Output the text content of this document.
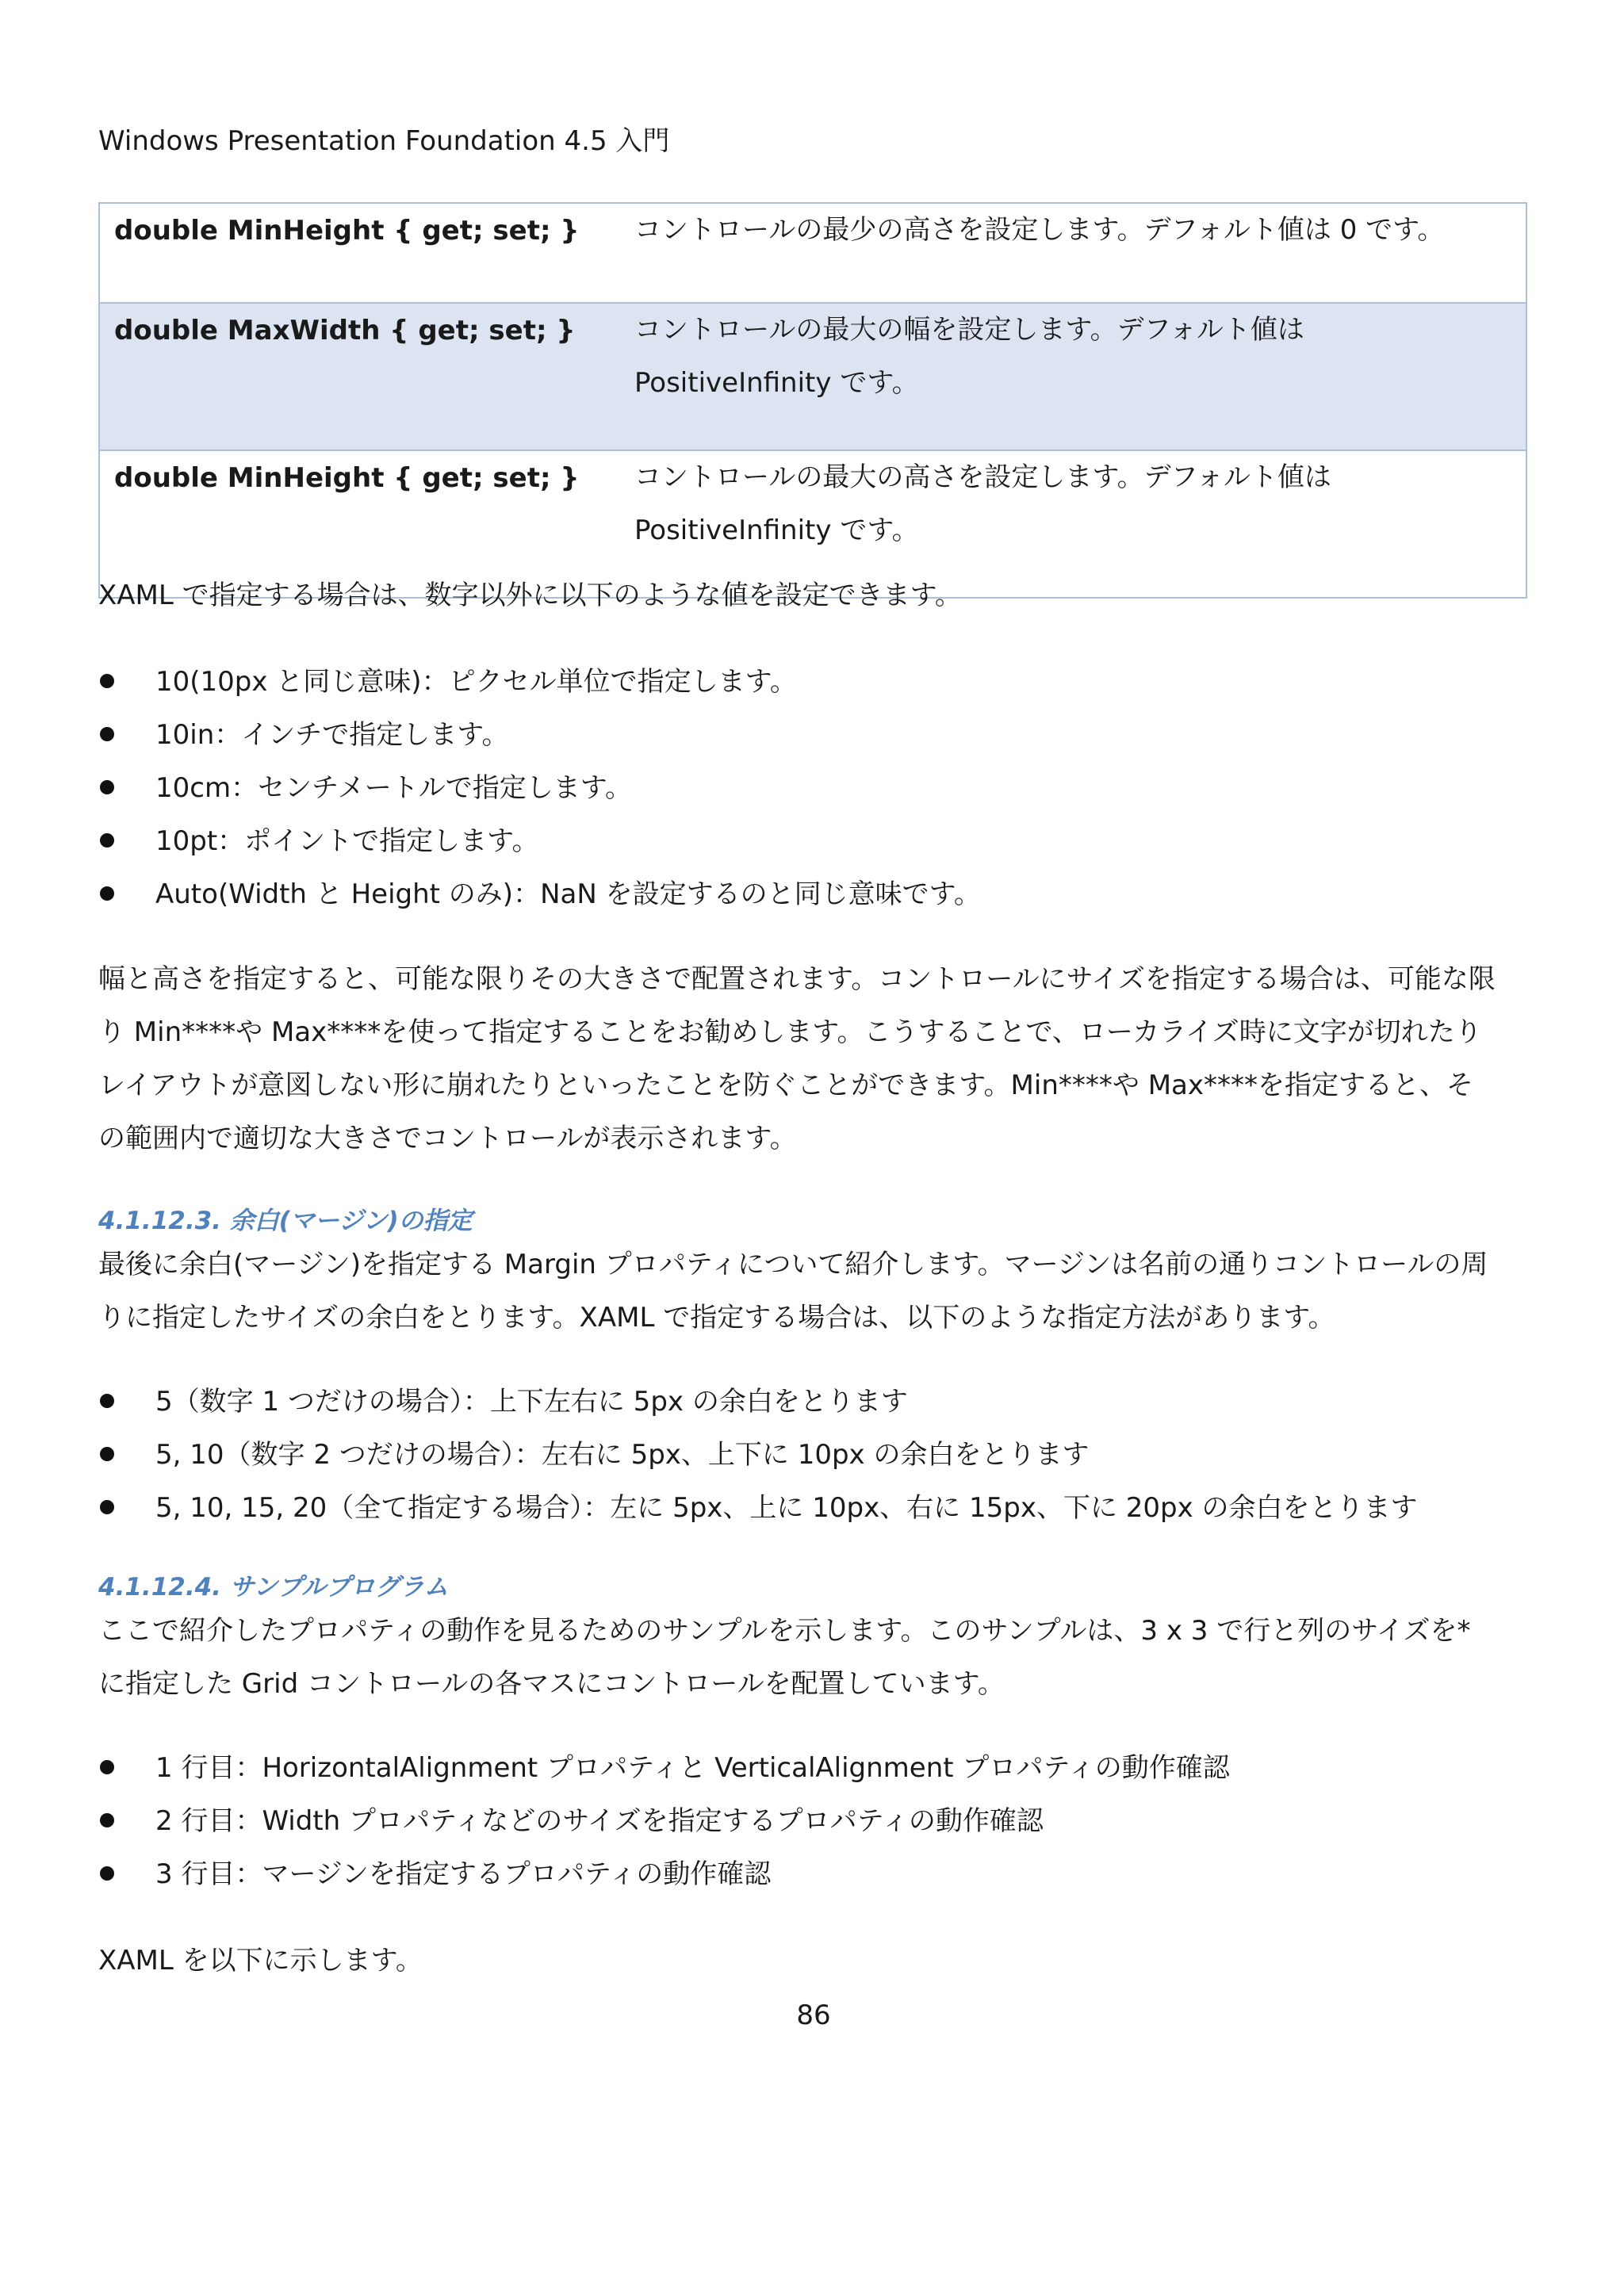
Windows Presentation Foundation 4.5 入門
double MinHeight { get; set; }	コントロールの最少の高さを設定します。デフォルト値は 0 です。

double MaxWidth { get; set; }	コントロールの最大の幅を設定します。デフォルト値は
PositiveInfinity です。

double MinHeight { get; set; }	コントロールの最大の高さを設定します。デフォルト値は
PositiveInfinity です。

XAML で指定する場合は、数字以外に以下のような値を設定できます。

10(10px と同じ意味)：ピクセル単位で指定します。
10in：インチで指定します。
10cm：センチメートルで指定します。
10pt：ポイントで指定します。
Auto(Width と Height のみ)：NaN を設定するのと同じ意味です。

幅と高さを指定すると、可能な限りその大きさで配置されます。コントロールにサイズを指定する場合は、可能な限
り Min****や Max****を使って指定することをお勧めします。こうすることで、ローカライズ時に文字が切れたり
レイアウトが意図しない形に崩れたりといったことを防ぐことができます。Min****や Max****を指定すると、そ
の範囲内で適切な大きさでコントロールが表示されます。

4.1.12.3. 余白(マージン)の指定

最後に余白(マージン)を指定する Margin プロパティについて紹介します。マージンは名前の通りコントロールの周
りに指定したサイズの余白をとります。XAML で指定する場合は、以下のような指定方法があります。

5（数字 1 つだけの場合）：上下左右に 5px の余白をとります
5, 10（数字 2 つだけの場合）：左右に 5px、上下に 10px の余白をとります
5, 10, 15, 20（全て指定する場合）：左に 5px、上に 10px、右に 15px、下に 20px の余白をとります
4.1.12.4. サンプルプログラム

ここで紹介したプロパティの動作を見るためのサンプルを示します。このサンプルは、3 x 3 で行と列のサイズを*
に指定した Grid コントロールの各マスにコントロールを配置しています。

1 行目：HorizontalAlignment プロパティと VerticalAlignment プロパティの動作確認
2 行目：Width プロパティなどのサイズを指定するプロパティの動作確認
3 行目：マージンを指定するプロパティの動作確認

XAML を以下に示します。

86
